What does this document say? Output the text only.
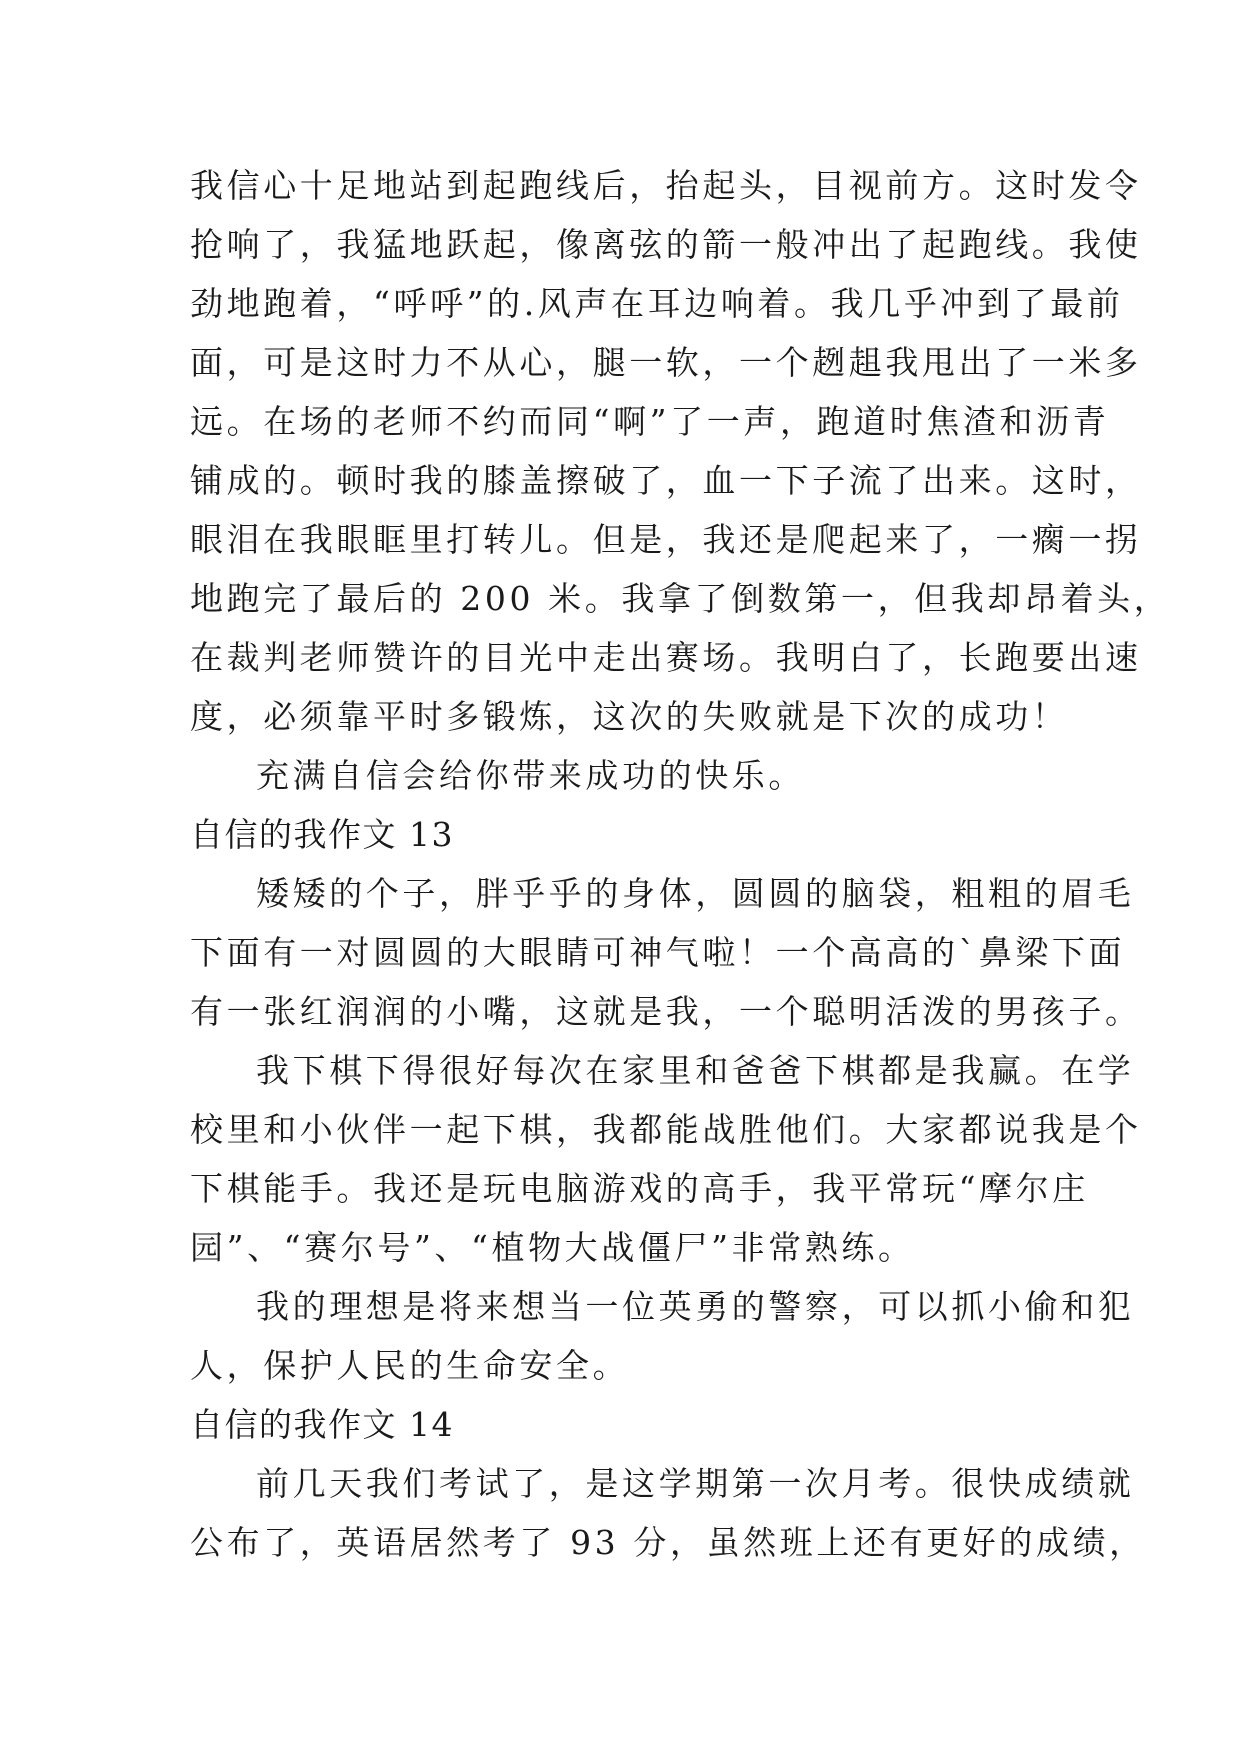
我信心十足地站到起跑线后，抬起头，目视前方。这时发令
抢响了，我猛地跃起，像离弦的箭一般冲出了起跑线。我使
劲地跑着，“呼呼”的.风声在耳边响着。我几乎冲到了最前
面，可是这时力不从心，腿一软，一个趔趄我甩出了一米多
远。在场的老师不约而同“啊”了一声，跑道时焦渣和沥青
铺成的。顿时我的膝盖擦破了，血一下子流了出来。这时，
眼泪在我眼眶里打转儿。但是，我还是爬起来了，一瘸一拐
地跑完了最后的 200 米。我拿了倒数第一，但我却昂着头，
在裁判老师赞许的目光中走出赛场。我明白了，长跑要出速
度，必须靠平时多锻炼，这次的失败就是下次的成功！
充满自信会给你带来成功的快乐。
自信的我作文 13
矮矮的个子，胖乎乎的身体，圆圆的脑袋，粗粗的眉毛
下面有一对圆圆的大眼睛可神气啦！一个高高的`鼻梁下面
有一张红润润的小嘴，这就是我，一个聪明活泼的男孩子。
我下棋下得很好每次在家里和爸爸下棋都是我赢。在学
校里和小伙伴一起下棋，我都能战胜他们。大家都说我是个
下棋能手。我还是玩电脑游戏的高手，我平常玩“摩尔庄
园”、“赛尔号”、“植物大战僵尸”非常熟练。
我的理想是将来想当一位英勇的警察，可以抓小偷和犯
人，保护人民的生命安全。
自信的我作文 14
前几天我们考试了，是这学期第一次月考。很快成绩就
公布了，英语居然考了 93 分，虽然班上还有更好的成绩，
